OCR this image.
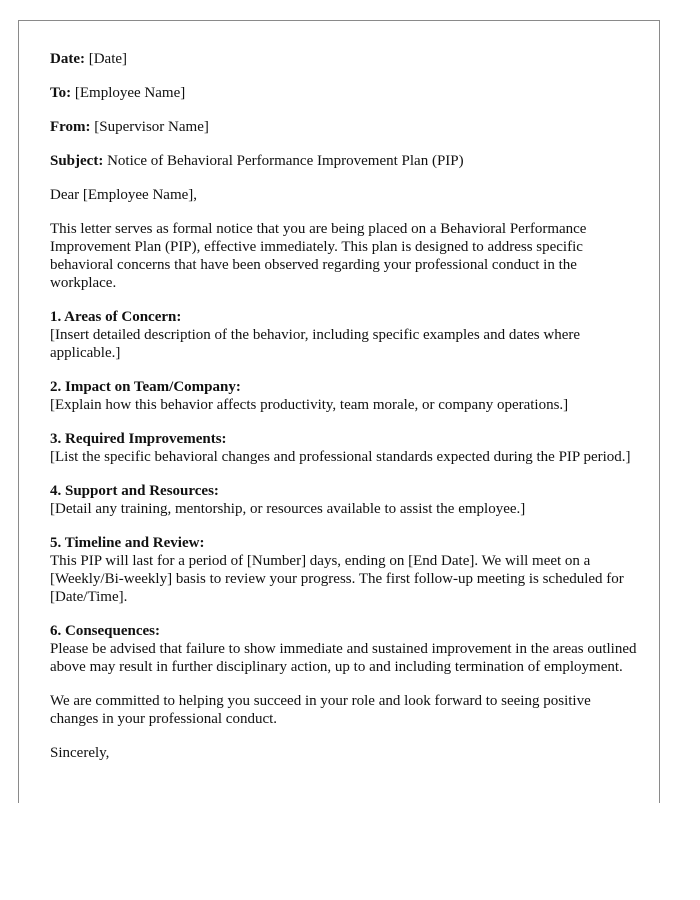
Date: [Date]

To: [Employee Name]

From: [Supervisor Name]

Subject: Notice of Behavioral Performance Improvement Plan (PIP)

Dear [Employee Name],

This letter serves as formal notice that you are being placed on a Behavioral Performance Improvement Plan (PIP), effective immediately. This plan is designed to address specific behavioral concerns that have been observed regarding your professional conduct in the workplace.

1. Areas of Concern:

[Insert detailed description of the behavior, including specific examples and dates where applicable.]

2. Impact on Team/Company:

[Explain how this behavior affects productivity, team morale, or company operations.]

3. Required Improvements:

[List the specific behavioral changes and professional standards expected during the PIP period.]

4. Support and Resources:

[Detail any training, mentorship, or resources available to assist the employee.]

5. Timeline and Review:

This PIP will last for a period of [Number] days, ending on [End Date]. We will meet on a [Weekly/Bi-weekly] basis to review your progress. The first follow-up meeting is scheduled for [Date/Time].

6. Consequences:

Please be advised that failure to show immediate and sustained improvement in the areas outlined above may result in further disciplinary action, up to and including termination of employment.

We are committed to helping you succeed in your role and look forward to seeing positive changes in your professional conduct.

Sincerely,
